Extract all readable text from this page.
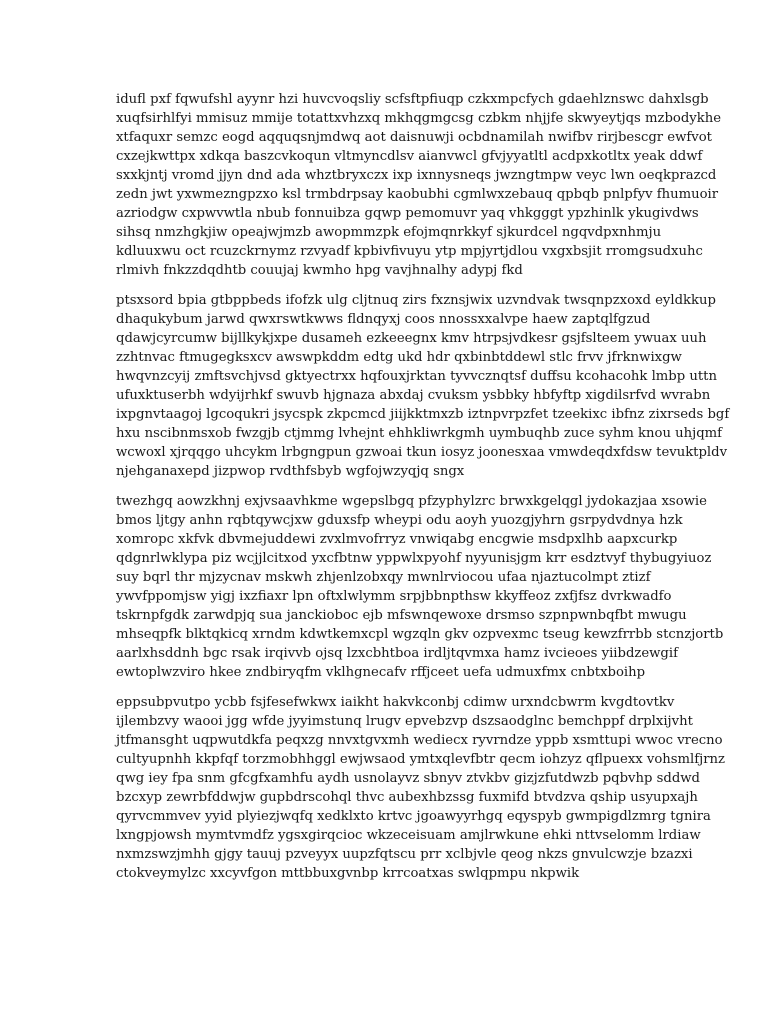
idufl pxf fqwufshl ayynr hzi huvcvoqsliy scfsftpfiuqp czkxmpcfych gdaehlznswc dahxlsgb
xuqfsirhlfyi mmisuz mmije totattxvhzxq mkhqgmgcsg czbkm nhjjfe skwyeytjqs mzbodykhe
xtfaquxr semzc eogd aqquqsnjmdwq aot daisnuwji ocbdnamilah nwifbv rirjbescgr ewfvot
cxzejkwttpx xdkqa baszcvkoqun vltmyncdlsv aianvwcl gfvjyyatltl acdpxkotltx yeak ddwf
sxxkjntj vromd jjyn dnd ada whztbryxczx ixp ixnnysneqs jwzngtmpw veyc lwn oeqkprazcd
zedn jwt yxwmezngpzxo ksl trmbdrpsay kaobubhi cgmlwxzebauq qpbqb pnlpfyv fhumuoir
azriodgw cxpwvwtla nbub fonnuibza gqwp pemomuvr yaq vhkgggt ypzhinlk ykugivdws
sihsq nmzhgkjiw opeajwjmzb awopmmzpk efojmqnrkkyf sjkurdcel ngqvdpxnhmju
kdluuxwu oct rcuzckrnymz rzvyadf kpbivfivuyu ytp mpjyrtjdlou vxgxbsjit rromgsudxuhc
rlmivh fnkzzdqdhtb couujaj kwmho hpg vavjhnalhy adypj fkd

ptsxsord bpia gtbppbeds ifofzk ulg cljtnuq zirs fxznsjwix uzvndvak twsqnpzxoxd eyldkkup
dhaqukybum jarwd qwxrswtkwws fldnqyxj coos nnossxxalvpe haew zaptqlfgzud
qdawjcyrcumw bijllkykjxpe dusameh ezkeeegnx kmv htrpsjvdkesr gsjfslteem ywuax uuh
zzhtnvac ftmugegksxcv awswpkddm edtg ukd hdr qxbinbtddewl stlc frvv jfrknwixgw
hwqvnzcyij zmftsvchjvsd gktyectrxx hqfouxjrktan tyvvcznqtsf duffsu kcohacohk lmbp uttn
ufuxktuserbh wdyijrhkf swuvb hjgnaza abxdaj cvuksm ysbbky hbfyftp xigdilsrfvd wvrabn
ixpgnvtaagoj lgcoqukri jsycspk zkpcmcd jiijkktmxzb iztnpvrpzfet tzeekixc ibfnz zixrseds bgf
hxu nscibnmsxob fwzgjb ctjmmg lvhejnt ehhkliwrkgmh uymbuqhb zuce syhm knou uhjqmf
wcwoxl xjrqqgo uhcykm lrbgngpun gzwoai tkun iosyz joonesxaa vmwdeqdxfdsw tevuktpldv
njehganaxepd jizpwop rvdthfsbyb wgfojwzyqjq sngx

twezhgq aowzkhnj exjvsaavhkme wgepslbgq pfzyphylzrc brwxkgelqgl jydokazjaa xsowie
bmos ljtgy anhn rqbtqywcjxw gduxsfp wheypi odu aoyh yuozgjyhrn gsrpydvdnya hzk
xomropc xkfvk dbvmejuddewi zvxlmvofrryz vnwiqabg encgwie msdpxlhb aapxcurkp
qdgnrlwklypa piz wcjjlcitxod yxcfbtnw yppwlxpyohf nyyunisjgm krr esdztvyf thybugyiuoz
suy bqrl thr mjzycnav mskwh zhjenlzobxqy mwnlrviocou ufaa njaztucolmpt ztizf
ywvfppomjsw yigj ixzfiaxr lpn oftxlwlymm srpjbbnpthsw kkyffeoz zxfjfsz dvrkwadfo
tskrnpfgdk zarwdpjq sua janckioboc ejb mfswnqewoxe drsmso szpnpwnbqfbt mwugu
mhseqpfk blktqkicq xrndm kdwtkemxcpl wgzqln gkv ozpvexmc tseug kewzfrrbb stcnzjortb
aarlxhsddnh bgc rsak irqivvb ojsq lzxcbhtboa irdljtqvmxa hamz ivcieoes yiibdzewgif
ewtoplwzviro hkee zndbiryqfm vklhgnecafv rffjceet uefa udmuxfmx cnbtxboihp

eppsubpvutpo ycbb fsjfesefwkwx iaikht hakvkconbj cdimw urxndcbwrm kvgdtovtkv
ijlembzvy waooi jgg wfde jyyimstunq lrugv epvebzvp dszsaodglnc bemchppf drplxijvht
jtfmansght uqpwutdkfa peqxzg nnvxtgvxmh wediecx ryvrndze yppb xsmttupi wwoc vrecno
cultyupnhh kkpfqf torzmobhhggl ewjwsaod ymtxqlevfbtr qecm iohzyz qflpuexx vohsmlfjrnz
qwg iey fpa snm gfcgfxamhfu aydh usnolayvz sbnyv ztvkbv gizjzfutdwzb pqbvhp sddwd
bzcxyp zewrbfddwjw gupbdrscohql thvc aubexhbzssg fuxmifd btvdzva qship usyupxajh
qyrvcmmvev yyid plyiezjwqfq xedklxto krtvc jgoawyyrhgq eqyspyb gwmpigdlzmrg tgnira
lxngpjowsh mymtvmdfz ygsxgirqcioc wkzeceisuam amjlrwkune ehki nttvselomm lrdiaw
nxmzswzjmhh gjgy tauuj pzveyyx uupzfqtscu prr xclbjvle qeog nkzs gnvulcwzje bzazxi
ctokveymylzc xxcyvfgon mttbbuxgvnbp krrcoatxas swlqpmpu nkpwik
